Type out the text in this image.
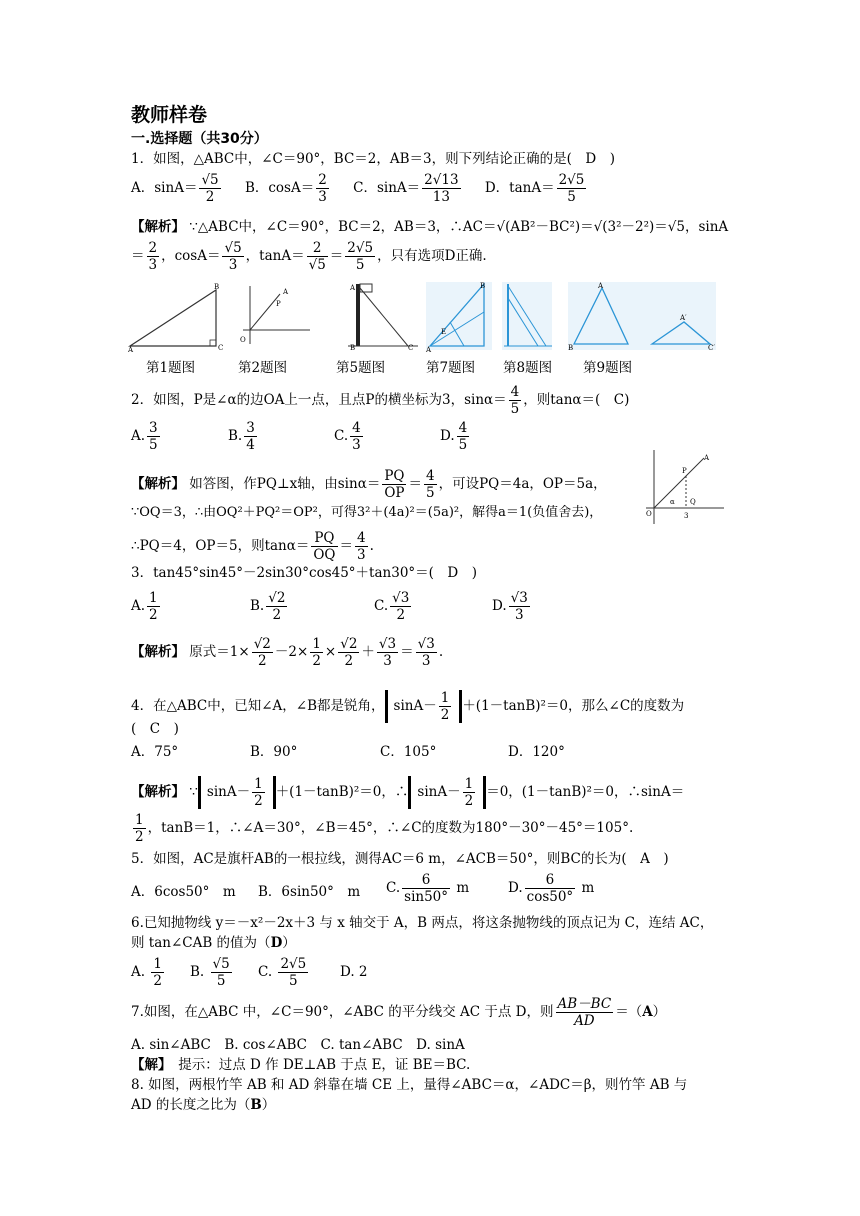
教师样卷
一.选择题（共30分）
1．如图，△ABC中，∠C＝90°，BC＝2，AB＝3，则下列结论正确的是(　D　)
A．$\sin A= \frac{√5}{2}$ B．$\cos A= \frac{2}{3}$ C．$\sin A= \frac{2√13}{13}$ D．$\tan A= \frac{2√5}{5}$
【解析】 ∵△ABC中，∠C＝90°，BC＝2，AB＝3，∴AC＝√(AB²－BC²)＝√(3²－2²)＝√5，sinA
＝ $\frac{2}{3}$ ，$\cos A= \frac{√5}{3}$ ，$\tan A= \frac{2}{√5} = \frac{2√5}{5}$ ，只有选项D正确.
A
B
C
O
P
A	A
B	C A
B
E
A
B
A′
C′
第1题图	第2题图	第5题图	第7题图 第8题图 第9题图
2．如图，P是∠α的边OA上一点，且点P的横坐标为3，$\sin\alpha= \frac{4}{5}$ ，则tanα＝(　C)
A. $\frac{3}{5}$	B. $\frac{3}{4}$	C. $\frac{4}{3}$	D. $\frac{4}{5}$
【解析】 如答图，作PQ⊥x轴，由$\sin\alpha= \frac{PQ}{OP} = \frac{4}{5}$ ，可设PQ＝4a，OP＝5a，
∵OQ＝3，∴由OQ²＋PQ²＝OP²，可得3²＋(4a)²＝(5a)²，解得a＝1(负值舍去)，
∴PQ＝4，OP＝5，则$\tan\alpha= \frac{PQ}{OQ} = \frac{4}{3}$ .
O
P
A
Q
3
α
3．tan45°sin45°－2sin30°cos45°＋tan30°＝(　D　)
A. $\frac{1}{2}$	B. $\frac{√2}{2}$	C. $\frac{√3}{2}$	D. $\frac{√3}{3}$
【解析】 原式$=1\times \frac{√2}{2} -2\times \frac{1}{2} \times \frac{√2}{2} + \frac{√3}{3} = \frac{√3}{3}$ .
4．在△ABC中，已知∠A，∠B都是锐角， $\sin A- \frac{1}{2} +(1-\tan B)^2=0$，那么∠C的度数为
(　C　)
A．75°	B．90°	C．105°	D．120°
【解析】 ∵ $\sin A- \frac{1}{2} +(1-\tan B)^2=0$，∴ $\sin A- \frac{1}{2} =0$，(1－tanB)²＝0，∴sinA＝
$\frac{1}{2}$ ，tanB＝1，∴∠A＝30°，∠B＝45°，∴∠C的度数为180°－30°－45°＝105°.
5．如图，AC是旗杆AB的一根拉线，测得AC＝6 m，∠ACB＝50°，则BC的长为(　A　)
A．6cos50°　m B．6sin50°　m C. $\frac{6}{\sin 50^\circ}$ m	D. $\frac{6}{\cos 50^\circ}$ m
6.已知抛物线 y＝－x²－2x＋3 与 x 轴交于 A，B 两点，将这条抛物线的顶点记为 C，连结 AC，
则 tan∠CAB 的值为（D）
A. $\frac{1}{2} B$. $\frac{√5}{5} C$. $\frac{2√5}{5} D$. 2
7.如图，在△ABC 中，∠C＝90°，∠ABC 的平分线交 AC 于点 D，则 $\frac{AB-BC}{AD} =(A)$
A. sin∠ABC　B. cos∠ABC　C. tan∠ABC　D. sinA
【解】　 提示：过点 D 作 DE⊥AB 于点 E，证 BE＝BC.
8. 如图，两根竹竿 AB 和 AD 斜靠在墙 CE 上，量得∠ABC＝α，∠ADC＝β，则竹竿 AB 与
AD 的长度之比为（B）
